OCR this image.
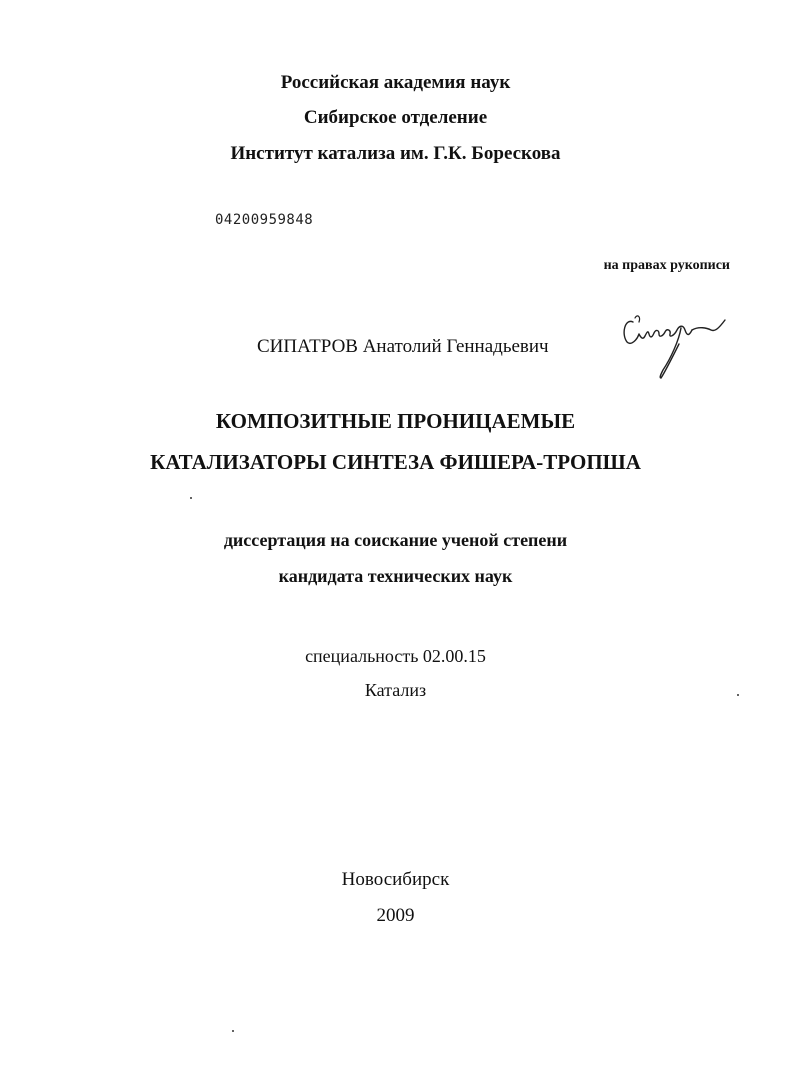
Российская академия наук
Сибирское отделение
Институт катализа им. Г.К. Борескова
04200959848
на правах рукописи
СИПАТРОВ Анатолий Геннадьевич
КОМПОЗИТНЫЕ ПРОНИЦАЕМЫЕ
КАТАЛИЗАТОРЫ СИНТЕЗА ФИШЕРА-ТРОПША
диссертация на соискание ученой степени
кандидата технических наук
специальность 02.00.15
Катализ
Новосибирск
2009
